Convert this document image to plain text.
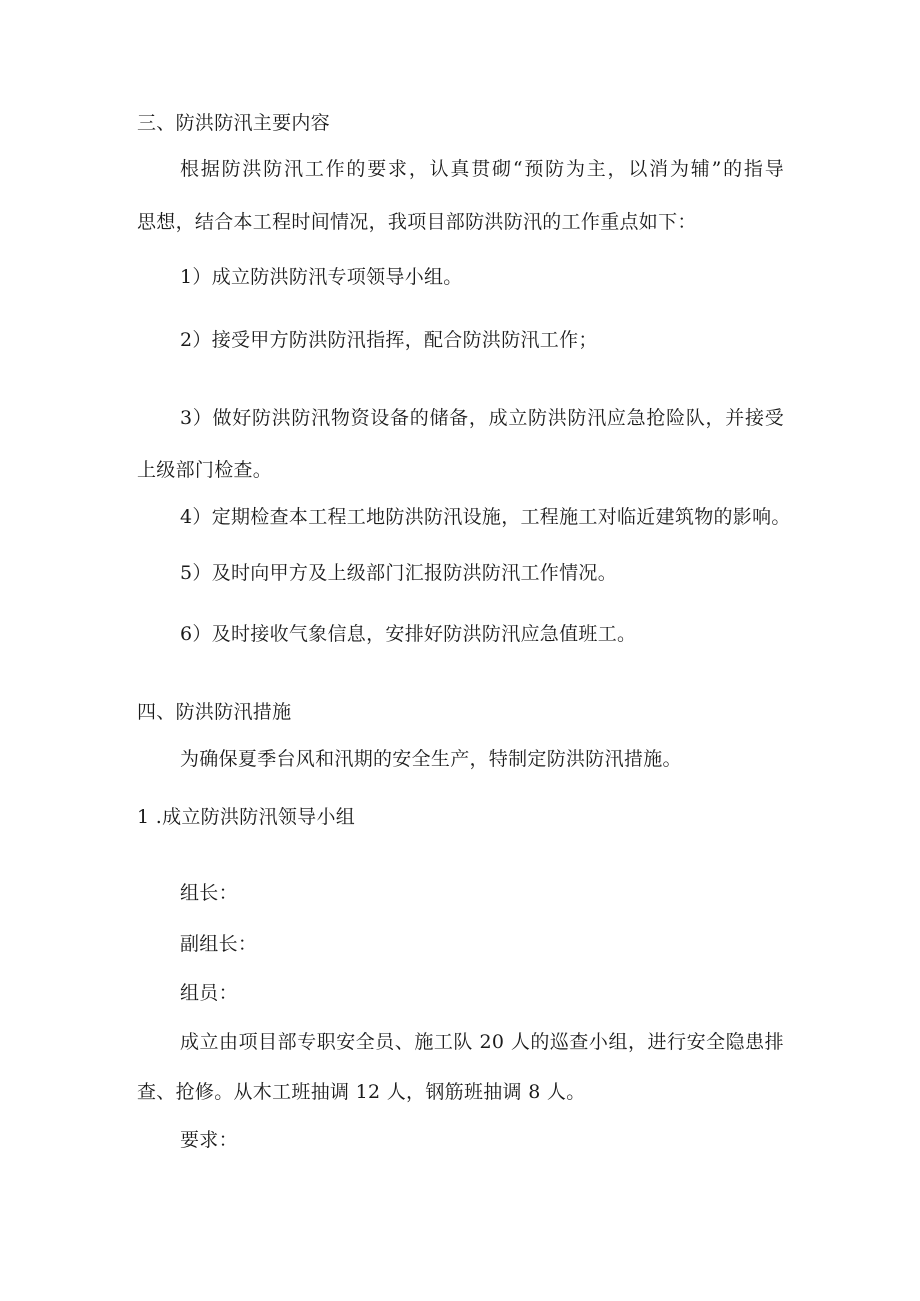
三、防洪防汛主要内容
根据防洪防汛工作的要求，认真贯砌“预防为主，以消为辅”的指导
思想，结合本工程时间情况，我项目部防洪防汛的工作重点如下：
1）成立防洪防汛专项领导小组。
2）接受甲方防洪防汛指挥，配合防洪防汛工作；
3）做好防洪防汛物资设备的储备，成立防洪防汛应急抢险队，并接受
上级部门检查。
4）定期检查本工程工地防洪防汛设施，工程施工对临近建筑物的影响。
5）及时向甲方及上级部门汇报防洪防汛工作情况。
6）及时接收气象信息，安排好防洪防汛应急值班工。
四、防洪防汛措施
为确保夏季台风和汛期的安全生产，特制定防洪防汛措施。
1 .成立防洪防汛领导小组
组长：
副组长：
组员：
成立由项目部专职安全员、施工队 20 人的巡查小组，进行安全隐患排
查、抢修。从木工班抽调 12 人，钢筋班抽调 8 人。
要求：
